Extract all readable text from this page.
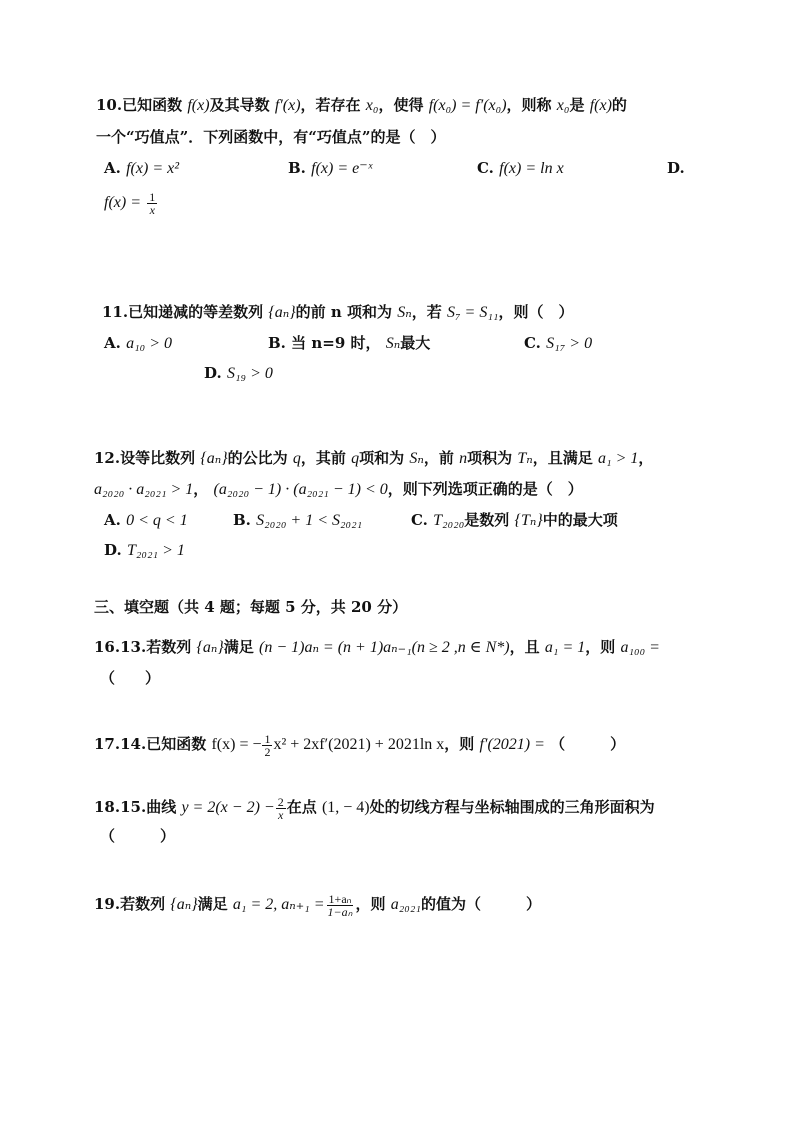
10.已知函数 f(x)及其导数 f′(x)，若存在 x₀，使得 f(x₀) = f′(x₀)，则称 x₀是 f(x)的
一个“巧值点”．下列函数中，有“巧值点”的是（　）
A. f(x) = x²	B. f(x) = e⁻ˣ	C. f(x) = ln x	D.
$f(x) = \frac{1}{x}$
11.已知递减的等差数列 {aₙ}的前 n 项和为 Sₙ，若 S₇ = S₁₁，则（　）
A. a₁₀ > 0	B. 当 n=9 时， Sₙ最大	C. S₁₇ > 0
D. S₁₉ > 0
12.设等比数列 {aₙ}的公比为 q，其前 q项和为 Sₙ，前 n项积为 Tₙ，且满足 a₁ > 1，
a₂₀₂₀ · a₂₀₂₁ > 1， (a₂₀₂₀ − 1) · (a₂₀₂₁ − 1) < 0，则下列选项正确的是（　）
A. 0 < q < 1	B. S₂₀₂₀ + 1 < S₂₀₂₁	C. T₂₀₂₀是数列 {Tₙ}中的最大项
D. T₂₀₂₁ > 1
三、填空题（共 4 题；每题 5 分，共 20 分）
16.13.若数列 {aₙ}满足 (n − 1)aₙ = (n + 1)aₙ₋₁(n ≥ 2 ,n ∈ N*)，且 a₁ = 1，则 a₁₀₀ =
（　　）
17.14.已知函数 f(x) = − $\frac{1}{2} x^2 + 2xf'(2021) + 2021\ln$ x，则 f′(2021) = （　　　）
18.15.曲线 $y = 2(x - 2) - \frac{2}{x}$ 在点 (1, − 4)处的切线方程与坐标轴围成的三角形面积为
（　　　）
19.若数列 {aₙ}满足 a₁ = 2, $a_{n+1} = \frac{\text{1+aₙ}}{\text{1−aₙ}}$ ，则 a₂₀₂₁的值为（　　　）
